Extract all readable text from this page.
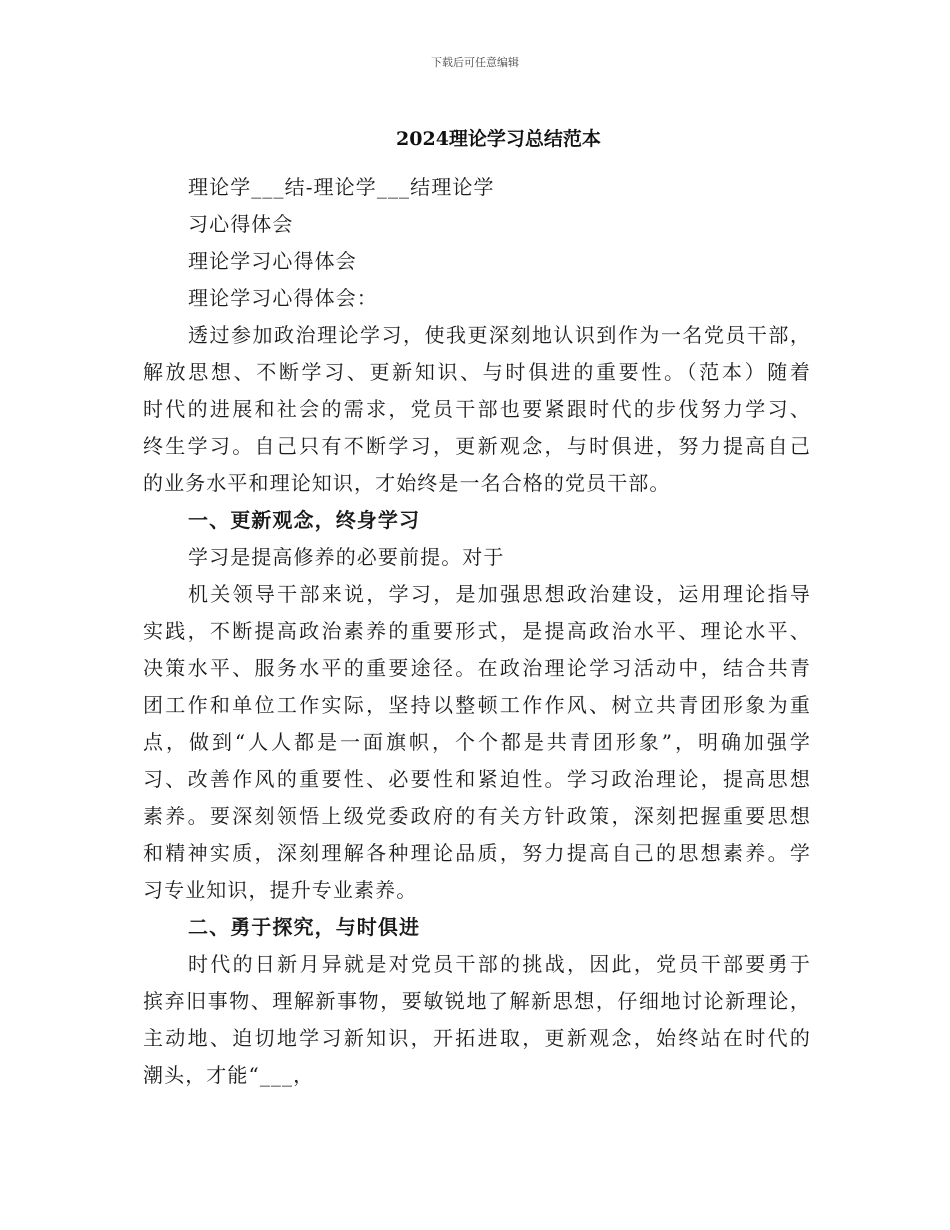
下载后可任意编辑
2024理论学习总结范本
理论学___结-理论学___结理论学
习心得体会
理论学习心得体会
理论学习心得体会：
透过参加政治理论学习，使我更深刻地认识到作为一名党员干部，
解放思想、不断学习、更新知识、与时俱进的重要性。（范本）随着
时代的进展和社会的需求，党员干部也要紧跟时代的步伐努力学习、
终生学习。自己只有不断学习，更新观念，与时俱进，努力提高自己
的业务水平和理论知识，才始终是一名合格的党员干部。
一、更新观念，终身学习
学习是提高修养的必要前提。对于
机关领导干部来说，学习，是加强思想政治建设，运用理论指导
实践，不断提高政治素养的重要形式，是提高政治水平、理论水平、
决策水平、服务水平的重要途径。在政治理论学习活动中，结合共青
团工作和单位工作实际，坚持以整顿工作作风、树立共青团形象为重
点，做到“人人都是一面旗帜，个个都是共青团形象”，明确加强学
习、改善作风的重要性、必要性和紧迫性。学习政治理论，提高思想
素养。要深刻领悟上级党委政府的有关方针政策，深刻把握重要思想
和精神实质，深刻理解各种理论品质，努力提高自己的思想素养。学
习专业知识，提升专业素养。
二、勇于探究，与时俱进
时代的日新月异就是对党员干部的挑战，因此，党员干部要勇于
摈弃旧事物、理解新事物，要敏锐地了解新思想，仔细地讨论新理论，
主动地、迫切地学习新知识，开拓进取，更新观念，始终站在时代的
潮头，才能“___，
